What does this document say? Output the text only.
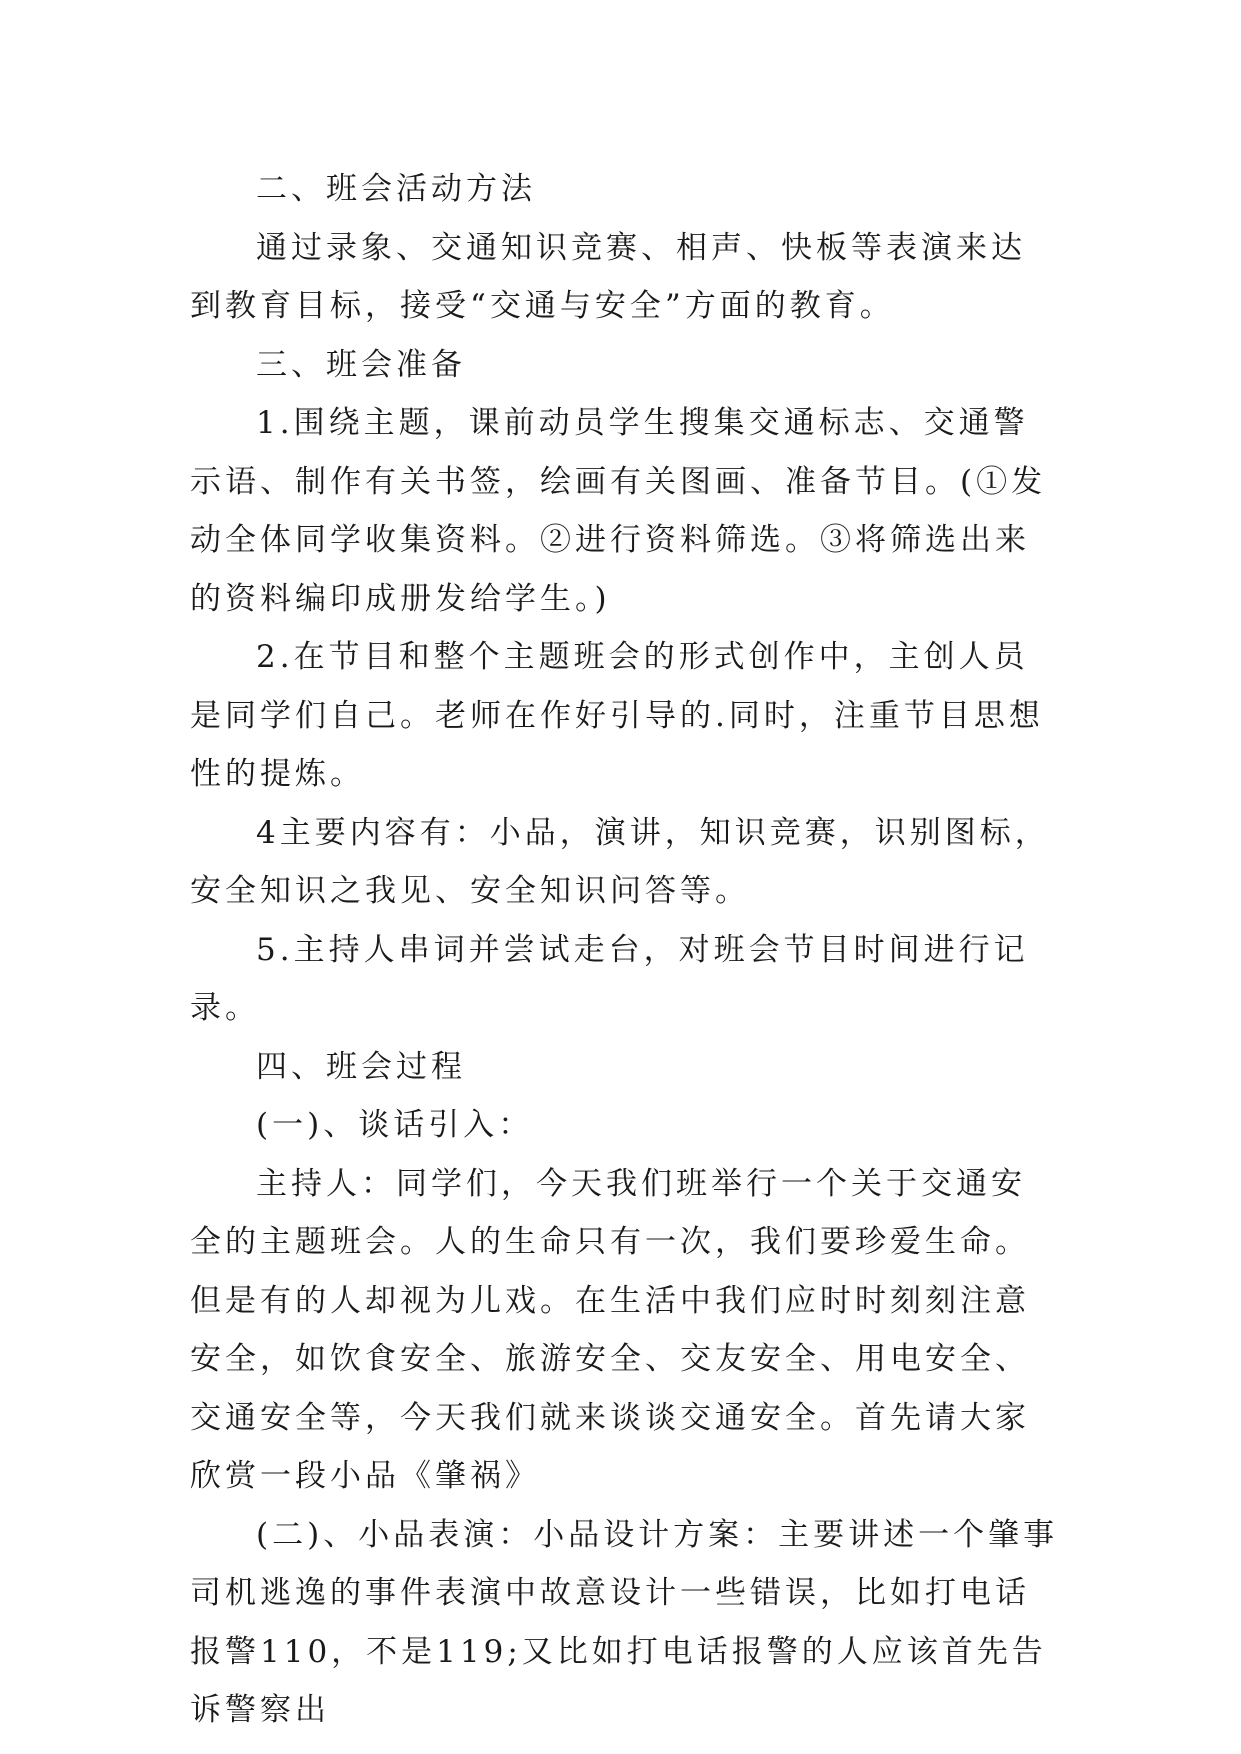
二、班会活动方法

通过录象、交通知识竞赛、相声、快板等表演来达到教育目标，接受“交通与安全”方面的教育。

三、班会准备

1.围绕主题，课前动员学生搜集交通标志、交通警示语、制作有关书签，绘画有关图画、准备节目。(①发动全体同学收集资料。②进行资料筛选。③将筛选出来的资料编印成册发给学生。)

2.在节目和整个主题班会的形式创作中，主创人员是同学们自己。老师在作好引导的.同时，注重节目思想性的提炼。

4主要内容有：小品，演讲，知识竞赛，识别图标，安全知识之我见、安全知识问答等。

5.主持人串词并尝试走台，对班会节目时间进行记录。

四、班会过程

(一)、谈话引入：

主持人：同学们，今天我们班举行一个关于交通安全的主题班会。人的生命只有一次，我们要珍爱生命。但是有的人却视为儿戏。在生活中我们应时时刻刻注意安全，如饮食安全、旅游安全、交友安全、用电安全、交通安全等，今天我们就来谈谈交通安全。首先请大家欣赏一段小品《肇祸》

(二)、小品表演：小品设计方案：主要讲述一个肇事司机逃逸的事件表演中故意设计一些错误，比如打电话报警110，不是119;又比如打电话报警的人应该首先告诉警察出
